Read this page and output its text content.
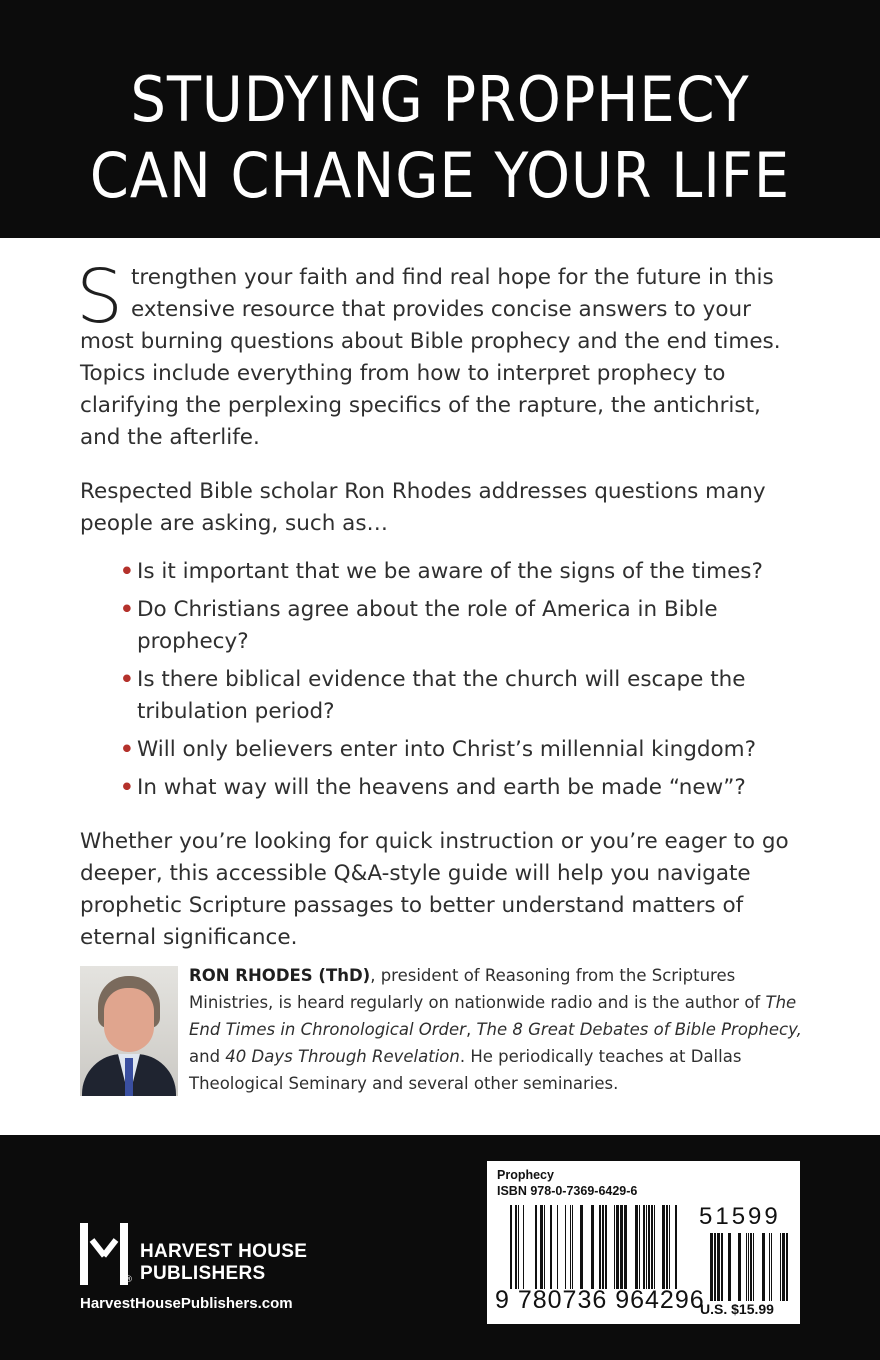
STUDYING PROPHECY
CAN CHANGE YOUR LIFE

Strengthen your faith and find real hope for the future in this extensive resource that provides concise answers to your most burning questions about Bible prophecy and the end times. Topics include everything from how to interpret prophecy to clarifying the perplexing specifics of the rapture, the antichrist, and the afterlife.

Respected Bible scholar Ron Rhodes addresses questions many people are asking, such as…

• Is it important that we be aware of the signs of the times?
• Do Christians agree about the role of America in Bible prophecy?
• Is there biblical evidence that the church will escape the tribulation period?
• Will only believers enter into Christ’s millennial kingdom?
• In what way will the heavens and earth be made “new”?

Whether you’re looking for quick instruction or you’re eager to go deeper, this accessible Q&A-style guide will help you navigate prophetic Scripture passages to better understand matters of eternal significance.

RON RHODES (ThD), president of Reasoning from the Scriptures Ministries, is heard regularly on nationwide radio and is the author of The End Times in Chronological Order, The 8 Great Debates of Bible Prophecy, and 40 Days Through Revelation. He periodically teaches at Dallas Theological Seminary and several other seminaries.

®

HARVEST HOUSE
PUBLISHERS

HarvestHousePublishers.com

Prophecy

ISBN 978-0-7369-6429-6

9 780736 964296

51599

U.S. $15.99
